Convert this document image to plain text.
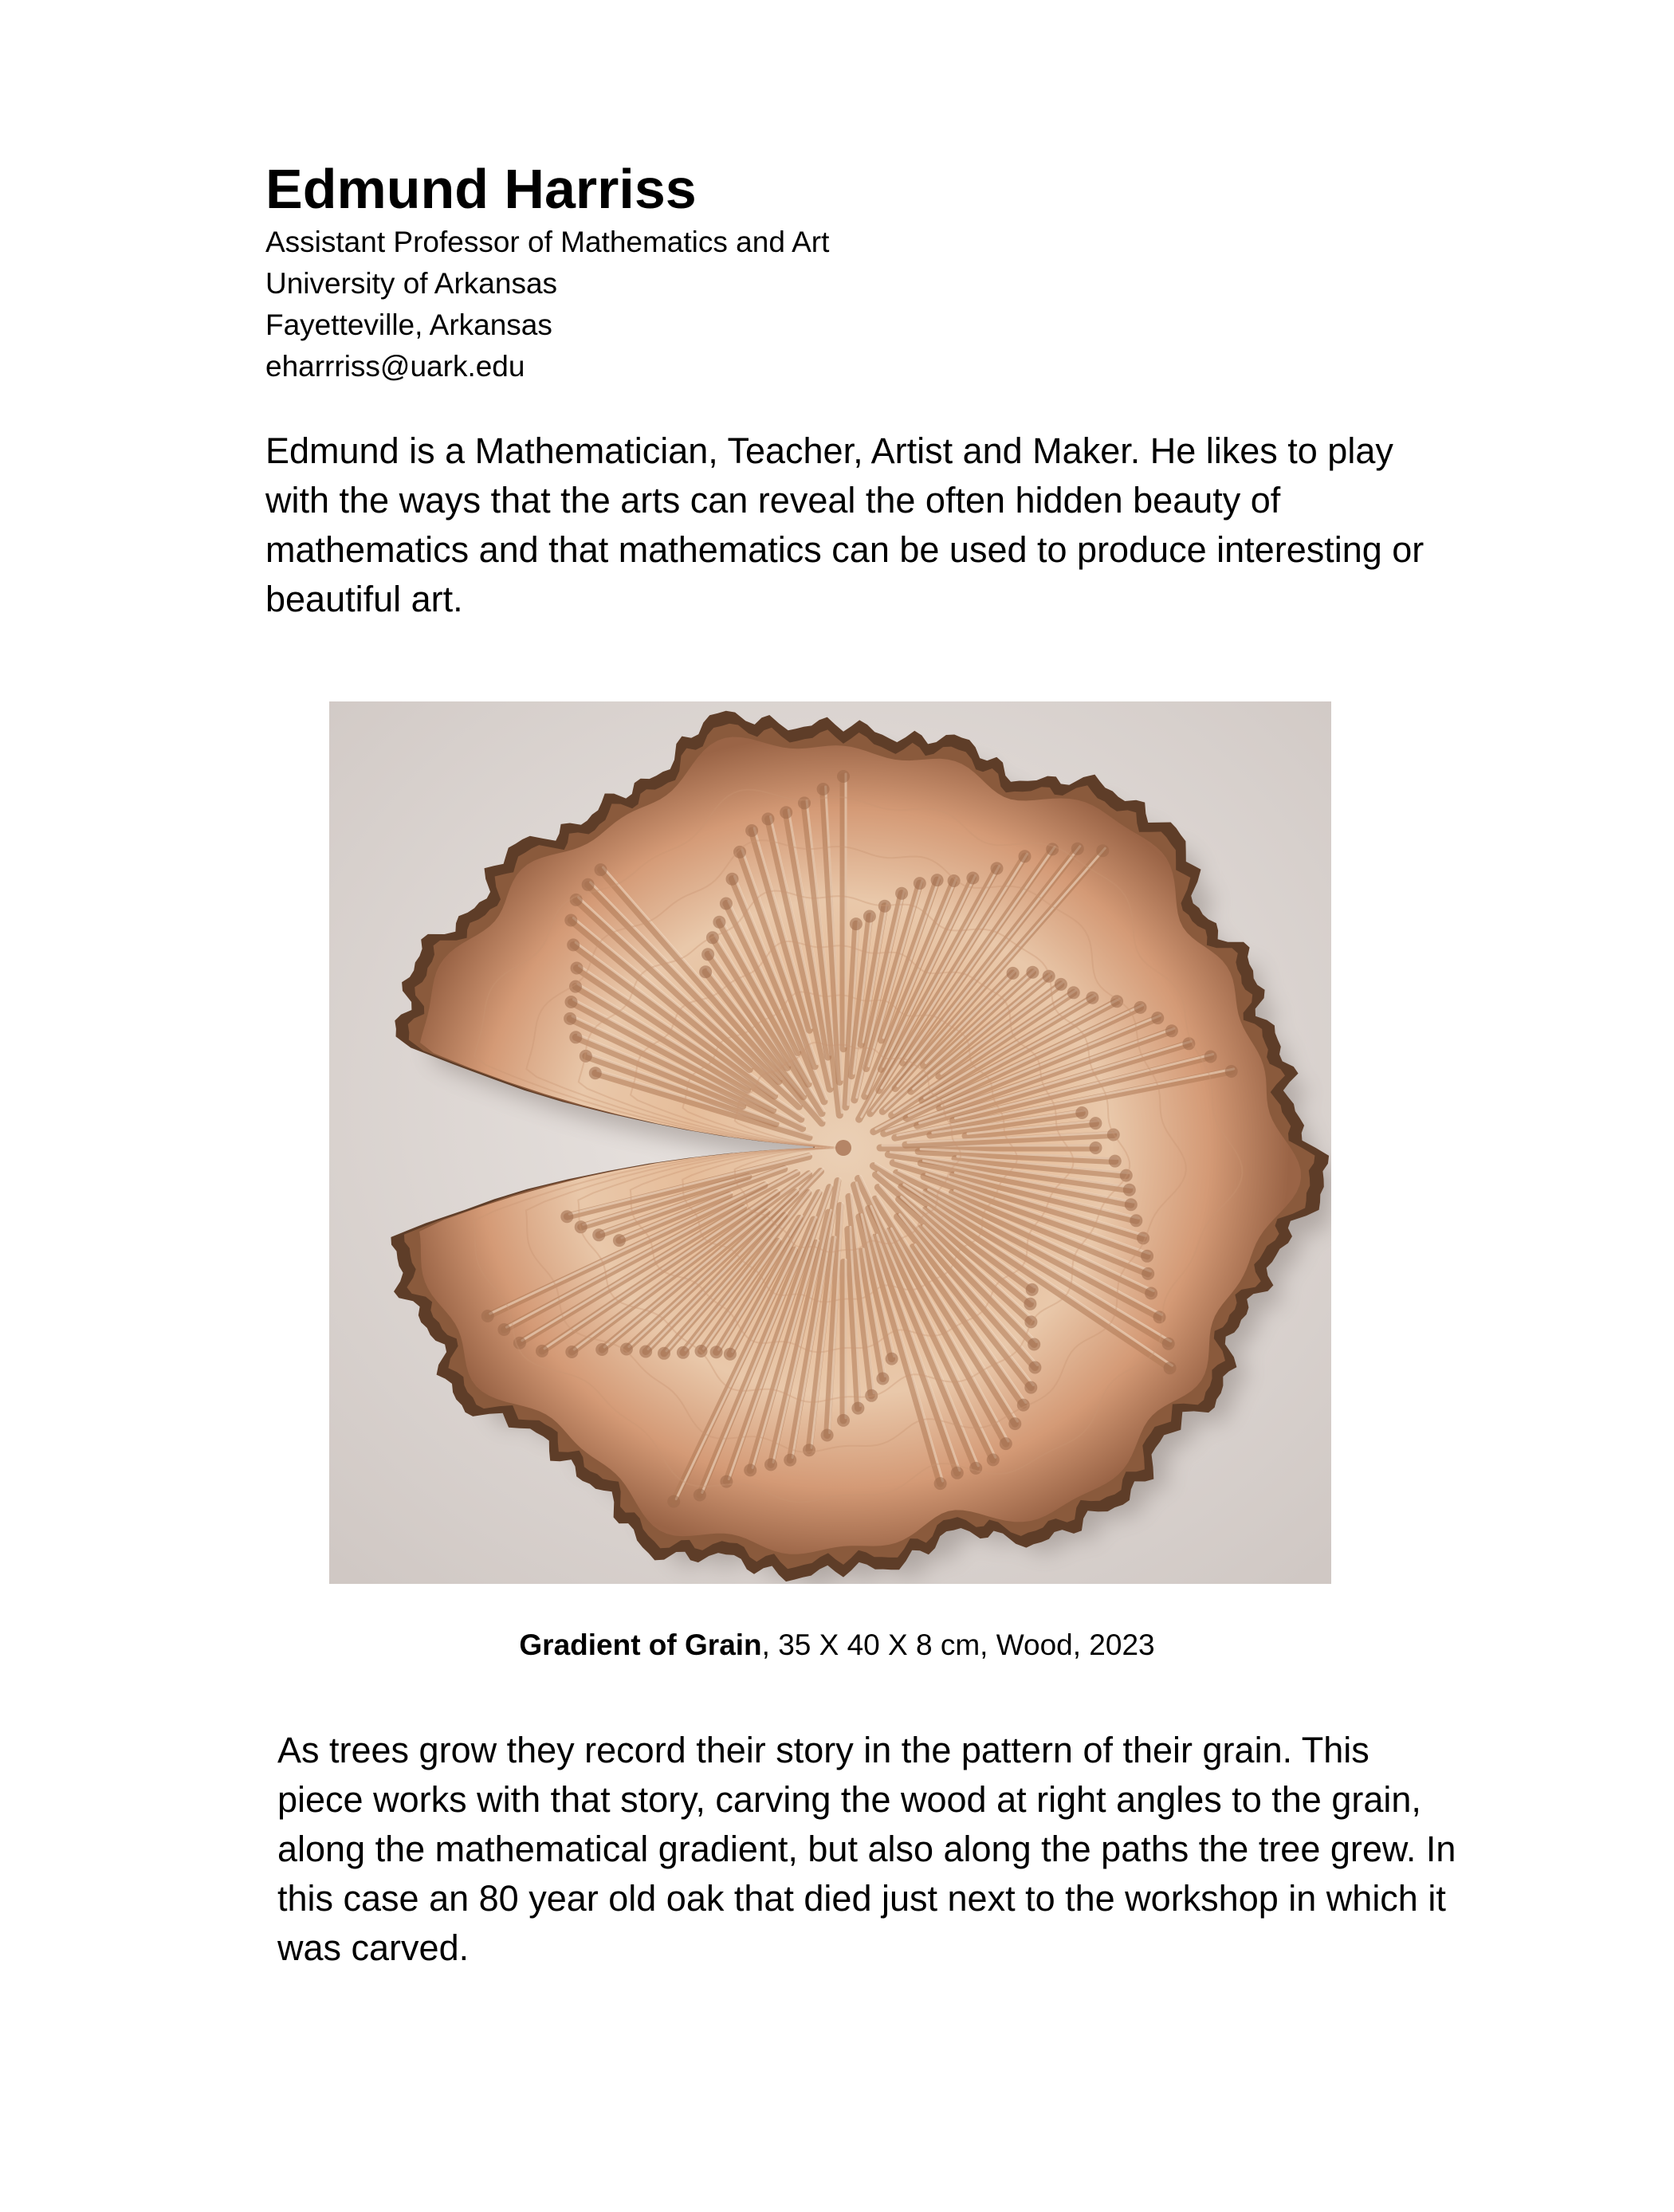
Edmund Harriss

Assistant Professor of Mathematics and Art

University of Arkansas

Fayetteville, Arkansas

eharrriss@uark.edu

Edmund is a Mathematician, Teacher, Artist and Maker. He likes to play with the ways that the arts can reveal the often hidden beauty of mathematics and that mathematics can be used to produce interesting or beautiful art.

Gradient of Grain, 35 X 40 X 8 cm, Wood, 2023

As trees grow they record their story in the pattern of their grain. This piece works with that story, carving the wood at right angles to the grain, along the mathematical gradient, but also along the paths the tree grew. In this case an 80 year old oak that died just next to the workshop in which it was carved.
